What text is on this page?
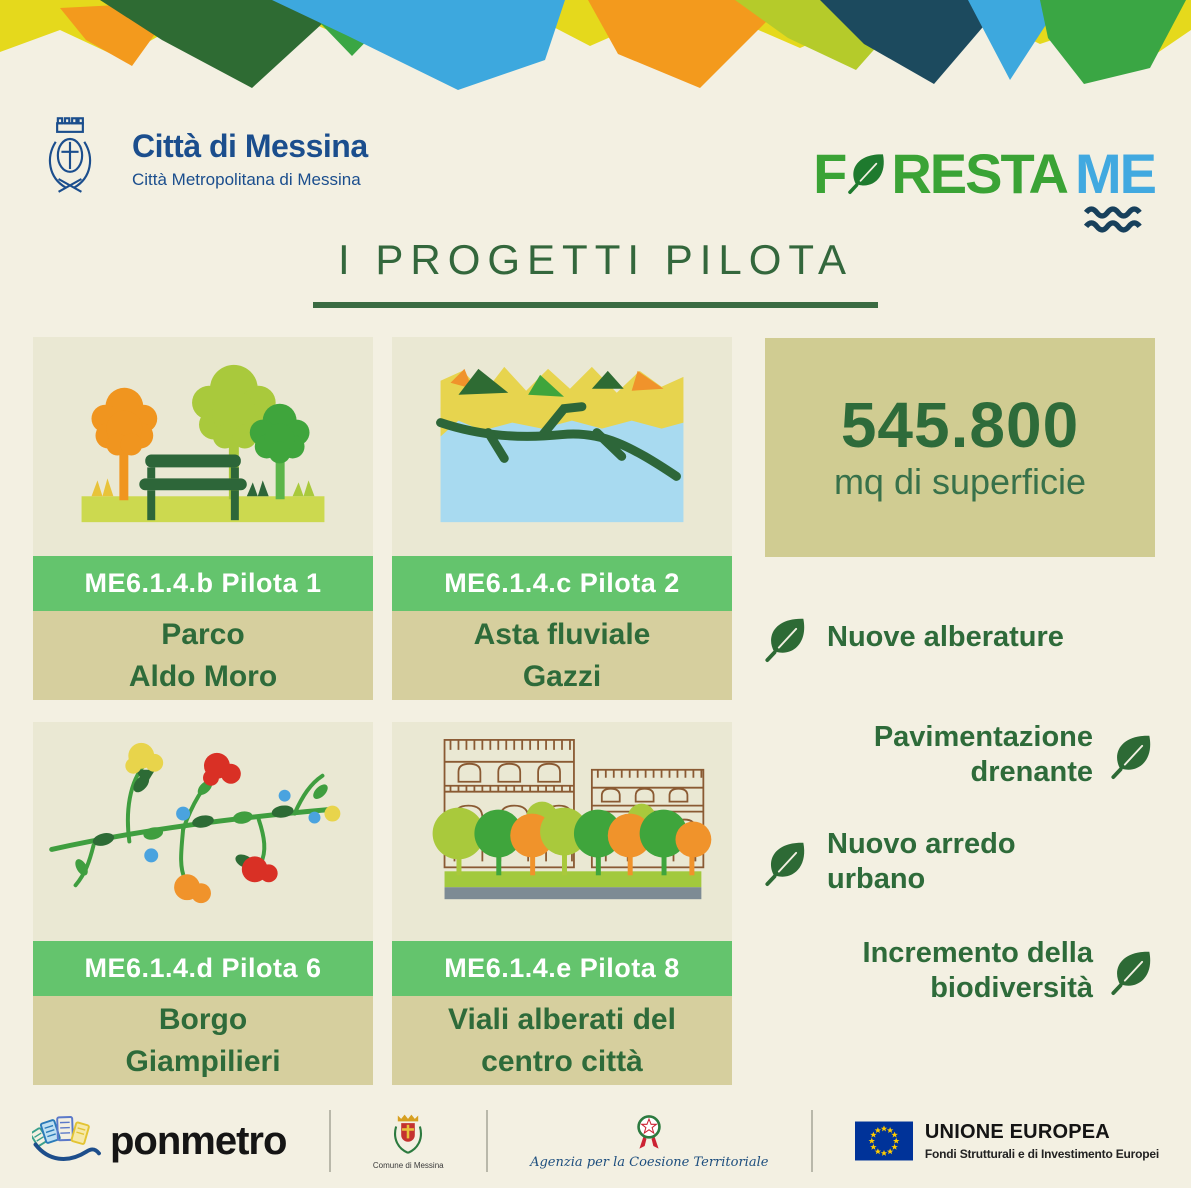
Città di Messina
Città Metropolitana di Messina	F RESTA ME
I PROGETTI PILOTA
ME6.1.4.b Pilota 1
Parco
Aldo Moro
ME6.1.4.c Pilota 2
Asta fluviale
Gazzi
ME6.1.4.d Pilota 6
Borgo
Giampilieri
ME6.1.4.e Pilota 8
Viali alberati del
centro città
545.800
mq di superficie
Nuove alberature
Pavimentazione
drenante
Nuovo arredo
urbano
Incremento della
biodiversità
ponmetro
Comune di Messina	Agenzia per la Coesione Territoriale
UNIONE EUROPEA
Fondi Strutturali e di Investimento Europei
